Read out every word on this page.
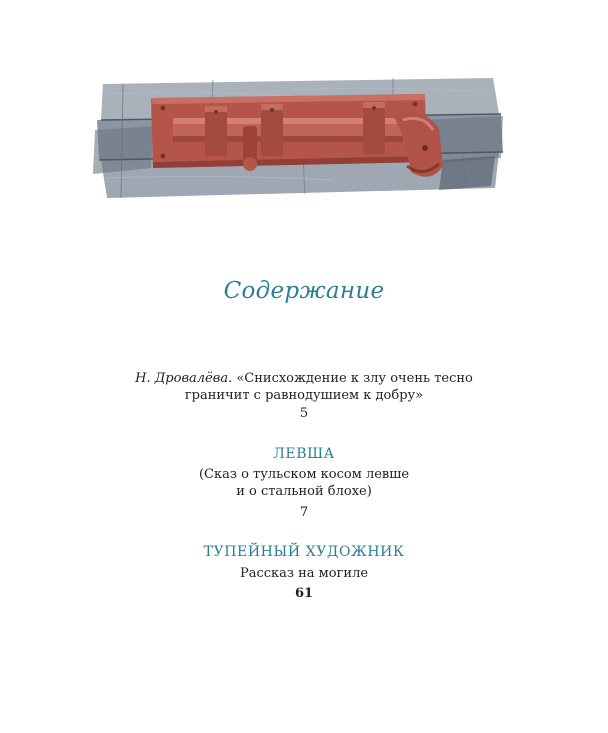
Содержание
Н. Дровалёва. «Снисхождение к злу очень тесно
граничит с равнодушием к добру»
5
ЛЕВША
(Сказ о тульском косом левше
и о стальной блохе)
7
ТУПЕЙНЫЙ ХУДОЖНИК
Рассказ на могиле
61
